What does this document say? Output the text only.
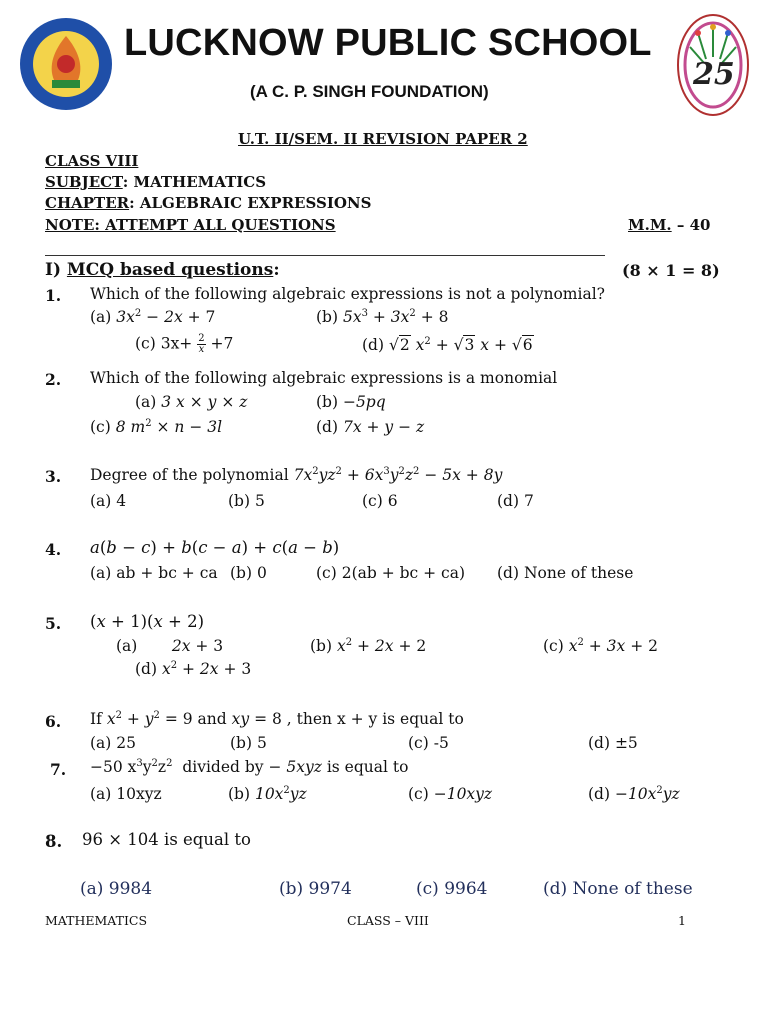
25
LUCKNOW PUBLIC SCHOOL
(A C. P. SINGH FOUNDATION)
U.T. II/SEM. II REVISION PAPER 2
CLASS VIII
SUBJECT: MATHEMATICS
CHAPTER: ALGEBRAIC EXPRESSIONS
NOTE: ATTEMPT ALL QUESTIONS	M.M. – 40
I) MCQ based questions:	(8 × 1 = 8)
1. Which of the following algebraic expressions is not a polynomial?
(a) $3x^2 - 2x + 7$	(b) $5x^3 + 3x^2 + 8$
(c) $3x+ \frac{2}{x} +7$	(d) √2 $x^2 + √3$ x + √6
2. Which of the following algebraic expressions is a monomial
(a) 3 x × y × z	(b) −5pq
(c) 8 $m^2 \times n - 3l$	(d) 7x + y − z
3. Degree of the polynomial $7x^2yz^2 + 6x^3y^2z^2 - 5x + 8y$
(a) 4	(b) 5	(c) 6	(d) 7
4. a(b − c) + b(c − a) + c(a − b)
(a) ab + bc + ca (b) 0	(c) 2(ab + bc + ca) (d) None of these
5. (x + 1)(x + 2)
(a)       2x + 3	(b) $x^2 + 2x + 2$	(c) $x^2 + 3x + 2$
(d) $x^2 + 2x + 3$
6. If $x^2 + y^2 = 9$ and xy = 8 , then x + y is equal to
(a) 25	(b) 5	(c) -5	(d) ±5
7. −50 $x^3y^2z^2$ divided by − 5xyz is equal to
(a) 10xyz	(b) $10x^2yz$	(c) −10xyz	$(d) -10x^2yz$
8. 96 × 104 is equal to
(a) 9984	(b) 9974	(c) 9964	(d) None of these
MATHEMATICS	CLASS – VIII	1
